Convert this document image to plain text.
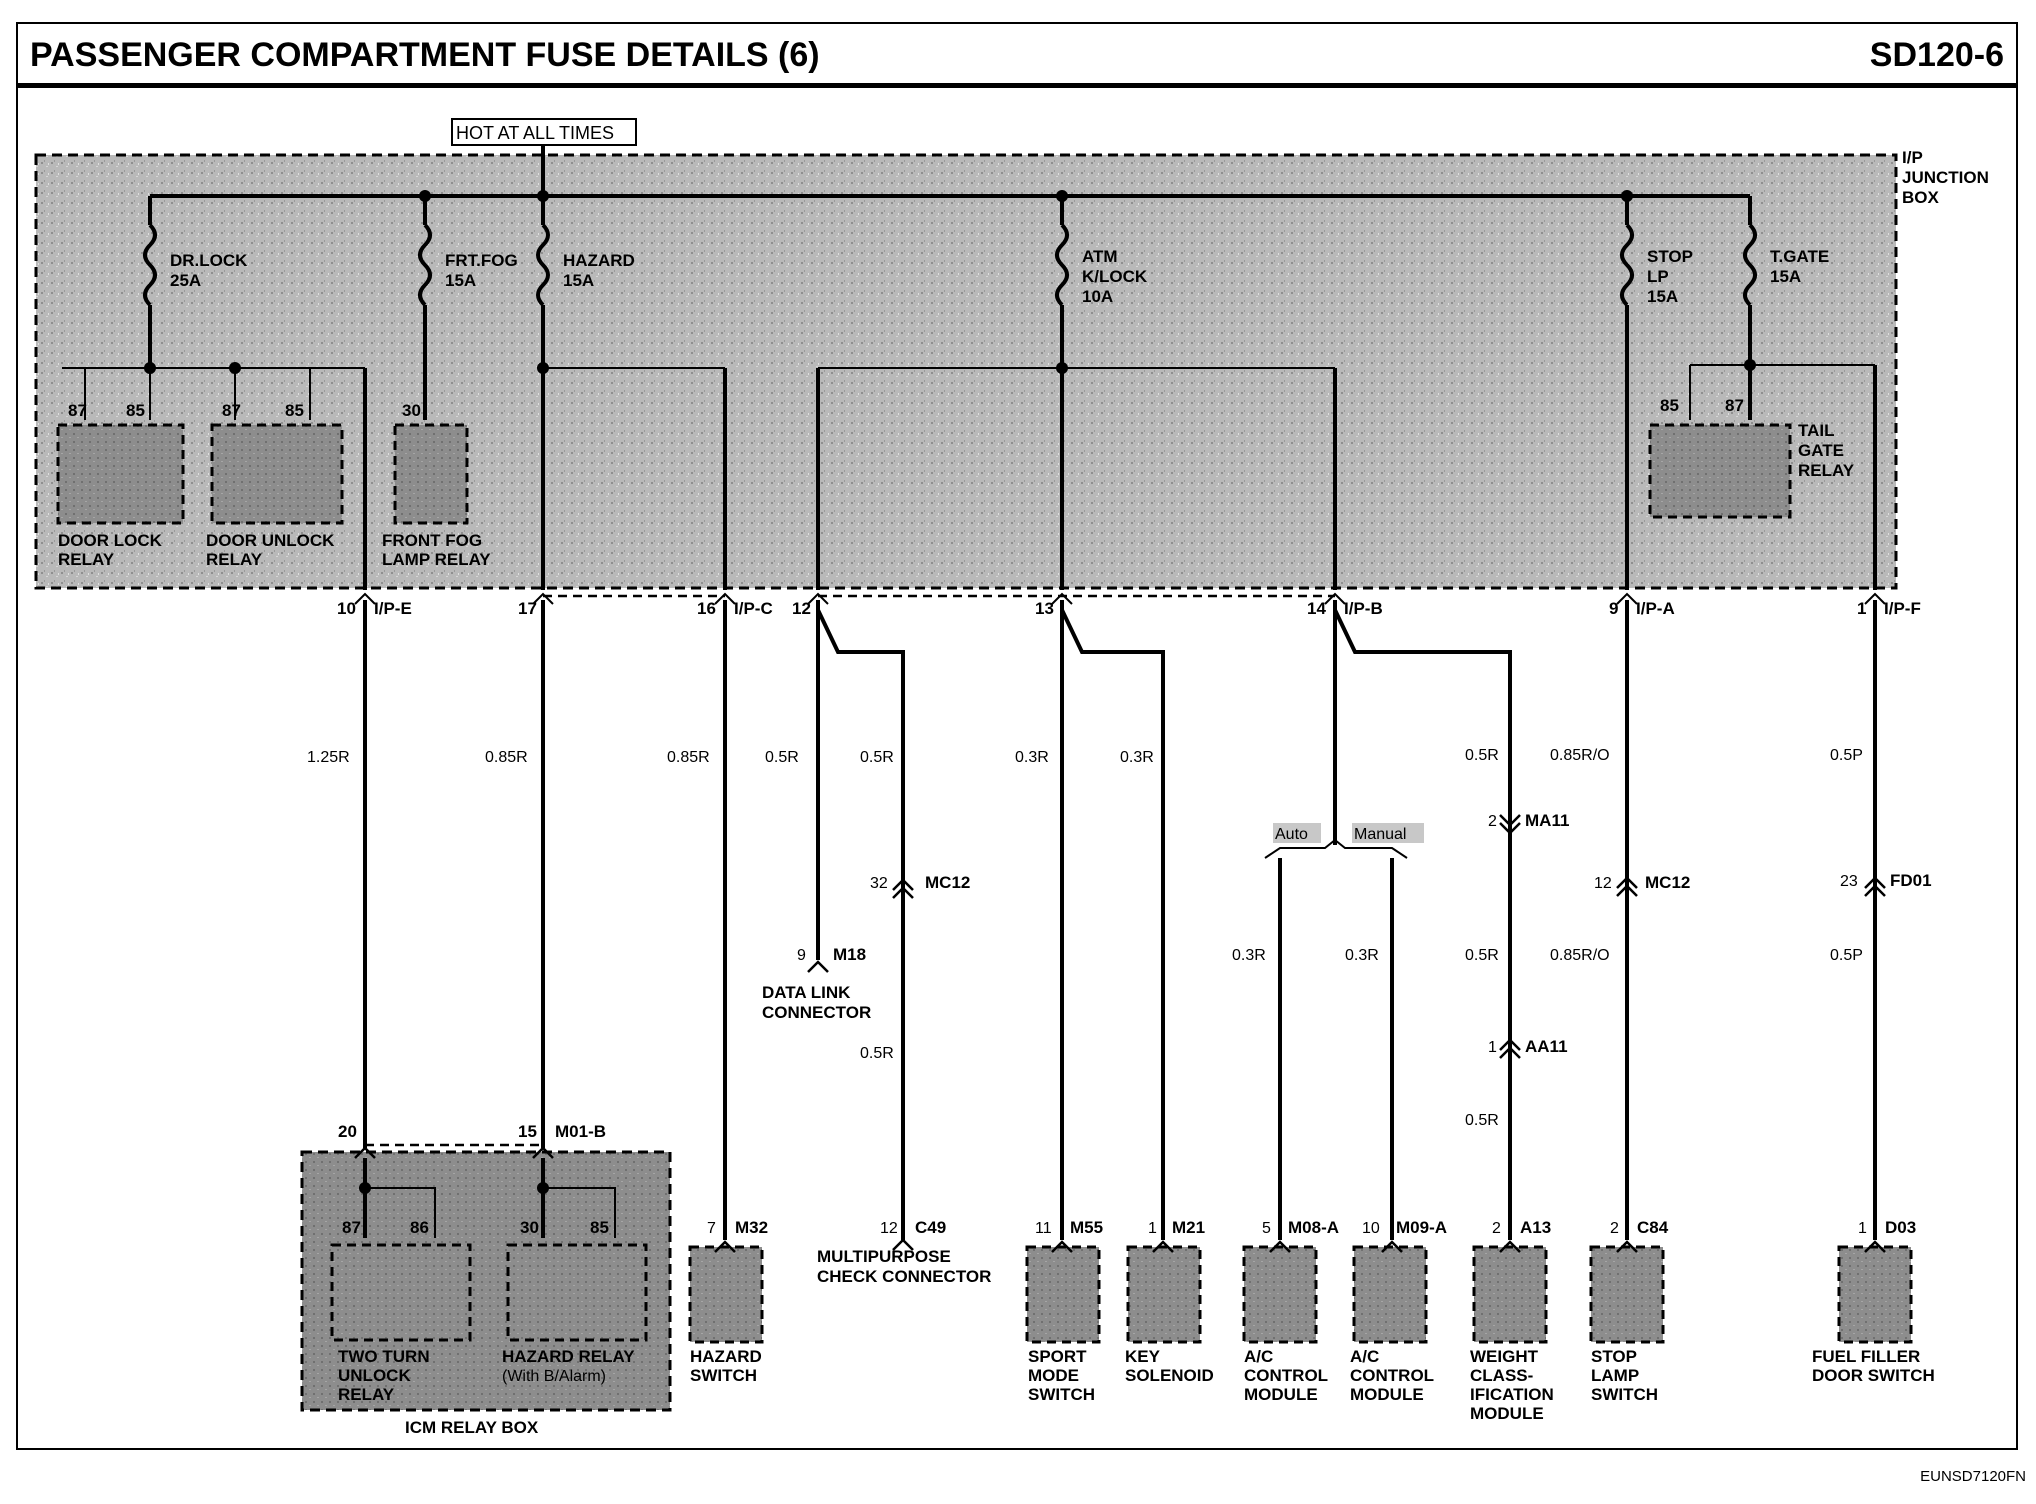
PASSENGER COMPARTMENT FUSE DETAILS (6)	SD120-6
EUNSD7120FN
I/P
JUNCTION
BOX
HOT AT ALL TIMES
DR.LOCK
25A
FRT.FOG
15A
HAZARD
15A
ATM
K/LOCK
10A
STOP
LP
15A
T.GATE
15A
87 85
DOOR LOCK
RELAY
87	85
DOOR UNLOCK
RELAY
30
FRONT FOG
LAMP RELAY
85	87
TAIL
GATE
RELAY
10 I/P-E	17	16 I/P-C 12	13	14 I/P-B	9 I/P-A	1 I/P-F
Auto	Manual
1.25R	0.85R	0.85R	0.5R	0.5R
0.5R
0.3R	0.3R
0.3R	0.3R
0.5R
0.5R
0.5R
0.85R/O
0.85R/O
0.5P
0.5P
32 MC12
2 MA11
1 AA11
12 MC12	23 FD01
20	15 M01-B
87	86	30	85
TWO TURN
UNLOCK
RELAY
HAZARD RELAY
(With B/Alarm)
ICM RELAY BOX
9 M18
DATA LINK
CONNECTOR
12 C49
MULTIPURPOSE
CHECK CONNECTOR
7 M32
HAZARD
SWITCH
11 M55
SPORT
MODE
SWITCH
1 M21
KEY
SOLENOID
5 M08-A
A/C
CONTROL
MODULE
10 M09-A
A/C
CONTROL
MODULE
2 A13
WEIGHT
CLASS-
IFICATION
MODULE
2 C84
STOP
LAMP
SWITCH
1 D03
FUEL FILLER
DOOR SWITCH
